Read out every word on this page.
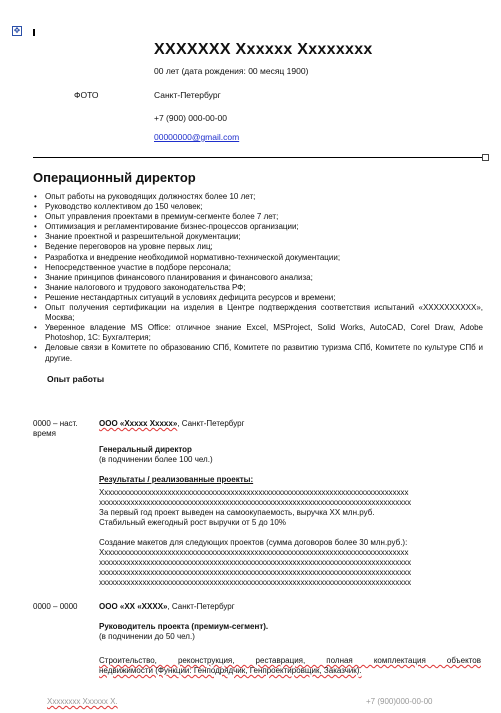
✥
XXXXXXX Xxxxxx Xxxxxxxx
00 лет (дата рождения: 00 месяц 1900)
ФОТО	Санкт-Петербург
+7 (900) 000-00-00
00000000@gmail.com
Операционный директор
• Опыт работы на руководящих должностях более 10 лет;
• Руководство коллективом до 150 человек;
• Опыт управления проектами в премиум-сегменте более 7 лет;
• Оптимизация и регламентирование бизнес-процессов организации;
• Знание проектной и разрешительной документации;
• Ведение переговоров на уровне первых лиц;
• Разработка и внедрение необходимой нормативно-технической документации;
• Непосредственное участие в подборе персонала;
• Знание принципов финансового планирования и финансового анализа;
• Знание налогового и трудового законодательства РФ;
• Решение нестандартных ситуаций в условиях дефицита ресурсов и времени;
• Опыт получения сертификации на изделия в Центре подтверждения соответствия испытаний «XXXXXXXXXX», Москва;
• Уверенное владение MS Office: отличное знание Excel, MSProject, Solid Works, AutoCAD, Corel Draw, Adobe Photoshop, 1С: Бухгалтерия;
• Деловые связи в Комитете по образованию СПб, Комитете по развитию туризма СПб, Комитете по культуре СПб и другие.
Опыт работы
0000 – наст. время
ООО «Xxxxx Xxxxx», Санкт-Петербург
Генеральный директор
(в подчинении более 100 чел.)
Результаты / реализованные проекты:
Xxxxxxxxxxxxxxxxxxxxxxxxxxxxxxxxxxxxxxxxxxxxxxxxxxxxxxxxxxxxxxxxxxxxxxxxxxxxxx
xxxxxxxxxxxxxxxxxxxxxxxxxxxxxxxxxxxxxxxxxxxxxxxxxxxxxxxxxxxxxxxxxxxxxxxxxxxxxxx
За первый год проект выведен на самоокупаемость, выручка XX млн.руб.
Стабильный ежегодный рост выручки от 5 до 10%
Создание макетов для следующих проектов (сумма договоров более 30 млн.руб.):
Xxxxxxxxxxxxxxxxxxxxxxxxxxxxxxxxxxxxxxxxxxxxxxxxxxxxxxxxxxxxxxxxxxxxxxxxxxxxxx
xxxxxxxxxxxxxxxxxxxxxxxxxxxxxxxxxxxxxxxxxxxxxxxxxxxxxxxxxxxxxxxxxxxxxxxxxxxxxxx
xxxxxxxxxxxxxxxxxxxxxxxxxxxxxxxxxxxxxxxxxxxxxxxxxxxxxxxxxxxxxxxxxxxxxxxxxxxxxxx
xxxxxxxxxxxxxxxxxxxxxxxxxxxxxxxxxxxxxxxxxxxxxxxxxxxxxxxxxxxxxxxxxxxxxxxxxxxxxxx
0000 – 0000	ООО «XX «XXXX», Санкт-Петербург
Руководитель проекта (премиум-сегмент).
(в подчинении до 50 чел.)
Строительство, реконструкция, реставрация, полная комплектация объектов
недвижимости (Функции: Генподрядчик, Генпроектировщик, Заказчик).
Xxxxxxxx Xxxxxx X.	+7 (900)000-00-00
